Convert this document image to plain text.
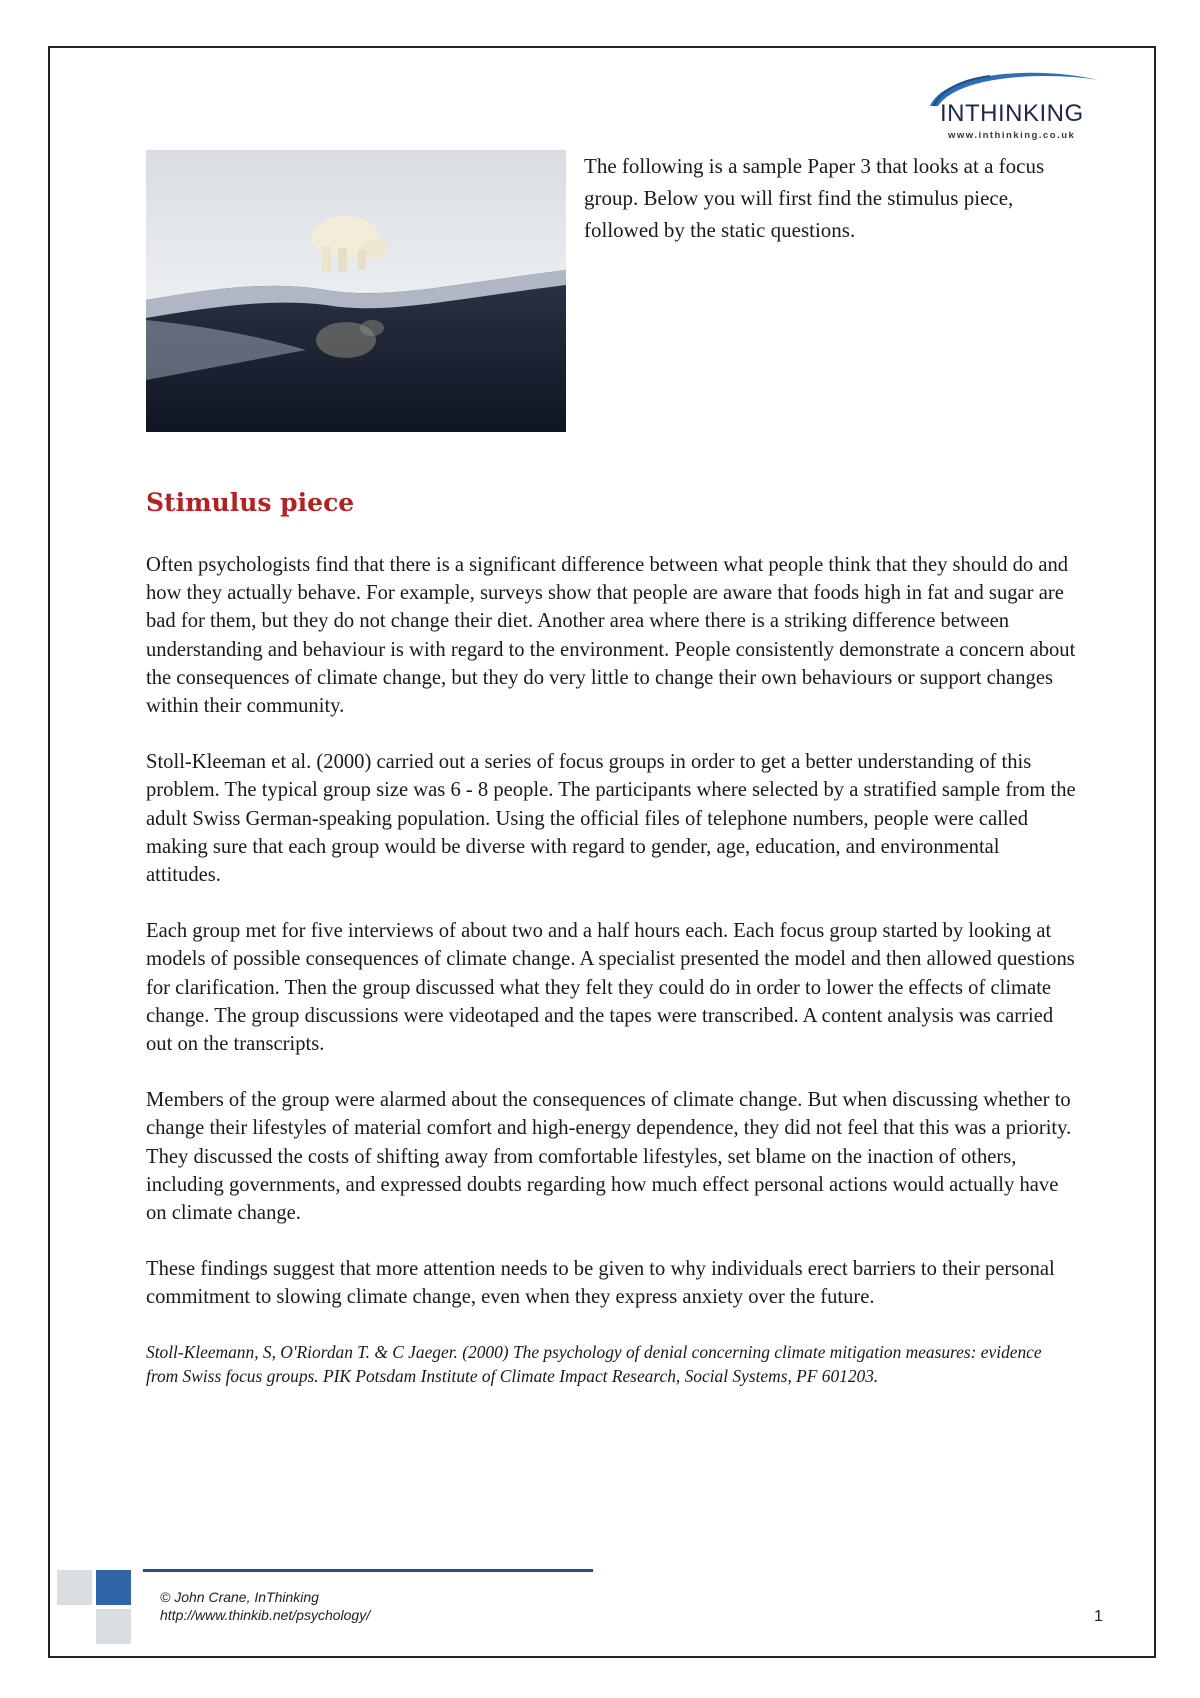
INTHINKING
www.inthinking.co.uk
The following is a sample Paper 3 that looks at a focus group. Below you will first find the stimulus piece, followed by the static questions.
Stimulus piece

Often psychologists find that there is a significant difference between what people think that they should do and how they actually behave. For example, surveys show that people are aware that foods high in fat and sugar are bad for them, but they do not change their diet. Another area where there is a striking difference between understanding and behaviour is with regard to the environment. People consistently demonstrate a concern about the consequences of climate change, but they do very little to change their own behaviours or support changes within their community.

Stoll-Kleeman et al. (2000) carried out a series of focus groups in order to get a better understanding of this problem. The typical group size was 6 - 8 people. The participants where selected by a stratified sample from the adult Swiss German-speaking population. Using the official files of telephone numbers, people were called making sure that each group would be diverse with regard to gender, age, education, and environmental attitudes.

Each group met for five interviews of about two and a half hours each. Each focus group started by looking at models of possible consequences of climate change. A specialist presented the model and then allowed questions for clarification. Then the group discussed what they felt they could do in order to lower the effects of climate change. The group discussions were videotaped and the tapes were transcribed. A content analysis was carried out on the transcripts.

Members of the group were alarmed about the consequences of climate change. But when discussing whether to change their lifestyles of material comfort and high-energy dependence, they did not feel that this was a priority. They discussed the costs of shifting away from comfortable lifestyles, set blame on the inaction of others, including governments, and expressed doubts regarding how much effect personal actions would actually have on climate change.

These findings suggest that more attention needs to be given to why individuals erect barriers to their personal commitment to slowing climate change, even when they express anxiety over the future.

Stoll-Kleemann, S, O'Riordan T. & C Jaeger. (2000) The psychology of denial concerning climate mitigation measures: evidence from Swiss focus groups. PIK Potsdam Institute of Climate Impact Research, Social Systems, PF 601203.
© John Crane, InThinking
http://www.thinkib.net/psychology/	1
